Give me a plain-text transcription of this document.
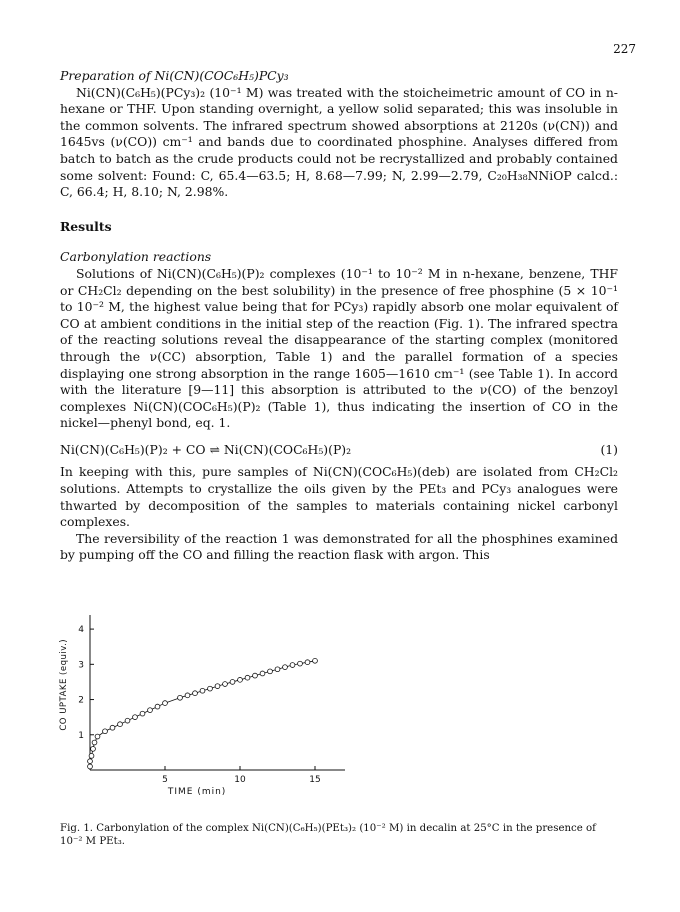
227
Preparation of Ni(CN)(COC₆H₅)PCy₃
Ni(CN)(C₆H₅)(PCy₃)₂ (10⁻¹ M) was treated with the stoicheimetric amount of CO in n-hexane or THF. Upon standing overnight, a yellow solid separated; this was insoluble in the common solvents. The infrared spectrum showed absorptions at 2120s (ν(CN)) and 1645vs (ν(CO)) cm⁻¹ and bands due to coordinated phosphine. Analyses differed from batch to batch as the crude products could not be recrystallized and probably contained some solvent: Found: C, 65.4—63.5; H, 8.68—7.99; N, 2.99—2.79, C₂₀H₃₈NNiOP calcd.: C, 66.4; H, 8.10; N, 2.98%.
Results
Carbonylation reactions
Solutions of Ni(CN)(C₆H₅)(P)₂ complexes (10⁻¹ to 10⁻² M in n-hexane, benzene, THF or CH₂Cl₂ depending on the best solubility) in the presence of free phosphine (5 × 10⁻¹ to 10⁻² M, the highest value being that for PCy₃) rapidly absorb one molar equivalent of CO at ambient conditions in the initial step of the reaction (Fig. 1). The infrared spectra of the reacting solutions reveal the disappearance of the starting complex (monitored through the ν(CC) absorption, Table 1) and the parallel formation of a species displaying one strong absorption in the range 1605—1610 cm⁻¹ (see Table 1). In accord with the literature [9—11] this absorption is attributed to the ν(CO) of the benzoyl complexes Ni(CN)(COC₆H₅)(P)₂ (Table 1), thus indicating the insertion of CO in the nickel—phenyl bond, eq. 1.
Ni(CN)(C₆H₅)(P)₂ + CO ⇌ Ni(CN)(COC₆H₅)(P)₂	(1)
In keeping with this, pure samples of Ni(CN)(COC₆H₅)(deb) are isolated from CH₂Cl₂ solutions. Attempts to crystallize the oils given by the PEt₃ and PCy₃ analogues were thwarted by decomposition of the samples to materials containing nickel carbonyl complexes.
The reversibility of the reaction 1 was demonstrated for all the phosphines examined by pumping off the CO and filling the reaction flask with argon. This
5	10	15
1
2
3
4
TIME (min)
CO UPTAKE (equiv.)
Fig. 1. Carbonylation of the complex Ni(CN)(C₆H₅)(PEt₃)₂ (10⁻² M) in decalin at 25°C in the presence of 10⁻² M PEt₃.
